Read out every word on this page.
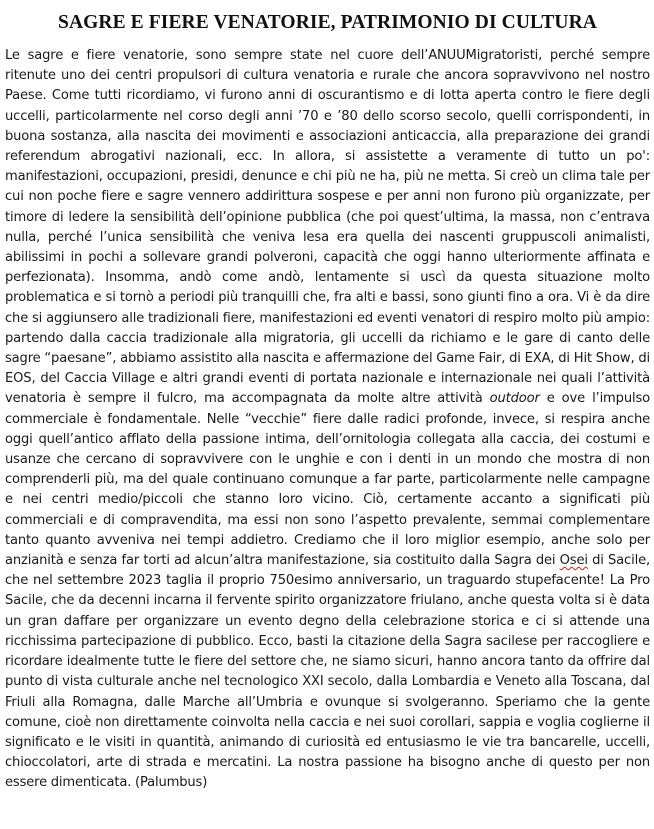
SAGRE E FIERE VENATORIE, PATRIMONIO DI CULTURA

Le sagre e fiere venatorie, sono sempre state nel cuore dell’ANUUMigratoristi, perché sempre ritenute uno dei centri propulsori di cultura venatoria e rurale che ancora sopravvivono nel nostro Paese. Come tutti ricordiamo, vi furono anni di oscurantismo e di lotta aperta contro le fiere degli uccelli, particolarmente nel corso degli anni ’70 e ’80 dello scorso secolo, quelli corrispondenti, in buona sostanza, alla nascita dei movimenti e associazioni anticaccia, alla preparazione dei grandi referendum abrogativi nazionali, ecc. In allora, si assistette a veramente di tutto un po': manifestazioni, occupazioni, presidi, denunce e chi più ne ha, più ne metta. Si creò un clima tale per cui non poche fiere e sagre vennero addirittura sospese e per anni non furono più organizzate, per timore di ledere la sensibilità dell’opinione pubblica (che poi quest’ultima, la massa, non c’entrava nulla, perché l’unica sensibilità che veniva lesa era quella dei nascenti gruppuscoli animalisti, abilissimi in pochi a sollevare grandi polveroni, capacità che oggi hanno ulteriormente affinata e perfezionata). Insomma, andò come andò, lentamente si uscì da questa situazione molto problematica e si tornò a periodi più tranquilli che, fra alti e bassi, sono giunti fino a ora. Vi è da dire che si aggiunsero alle tradizionali fiere, manifestazioni ed eventi venatori di respiro molto più ampio: partendo dalla caccia tradizionale alla migratoria, gli uccelli da richiamo e le gare di canto delle sagre “paesane”, abbiamo assistito alla nascita e affermazione del Game Fair, di EXA, di Hit Show, di EOS, del Caccia Village e altri grandi eventi di portata nazionale e internazionale nei quali l’attività venatoria è sempre il fulcro, ma accompagnata da molte altre attività outdoor e ove l’impulso commerciale è fondamentale. Nelle “vecchie” fiere dalle radici profonde, invece, si respira anche oggi quell’antico afflato della passione intima, dell’ornitologia collegata alla caccia, dei costumi e usanze che cercano di sopravvivere con le unghie e con i denti in un mondo che mostra di non comprenderli più, ma del quale continuano comunque a far parte, particolarmente nelle campagne e nei centri medio/piccoli che stanno loro vicino. Ciò, certamente accanto a significati più commerciali e di compravendita, ma essi non sono l’aspetto prevalente, semmai complementare tanto quanto avveniva nei tempi addietro. Crediamo che il loro miglior esempio, anche solo per anzianità e senza far torti ad alcun’altra manifestazione, sia costituito dalla Sagra dei Osei di Sacile, che nel settembre 2023 taglia il proprio 750esimo anniversario, un traguardo stupefacente! La Pro Sacile, che da decenni incarna il fervente spirito organizzatore friulano, anche questa volta si è data un gran daffare per organizzare un evento degno della celebrazione storica e ci si attende una ricchissima partecipazione di pubblico. Ecco, basti la citazione della Sagra sacilese per raccogliere e ricordare idealmente tutte le fiere del settore che, ne siamo sicuri, hanno ancora tanto da offrire dal punto di vista culturale anche nel tecnologico XXI secolo, dalla Lombardia e Veneto alla Toscana, dal Friuli alla Romagna, dalle Marche all’Umbria e ovunque si svolgeranno. Speriamo che la gente comune, cioè non direttamente coinvolta nella caccia e nei suoi corollari, sappia e voglia coglierne il significato e le visiti in quantità, animando di curiosità ed entusiasmo le vie tra bancarelle, uccelli, chioccolatori, arte di strada e mercatini. La nostra passione ha bisogno anche di questo per non essere dimenticata. (Palumbus)
